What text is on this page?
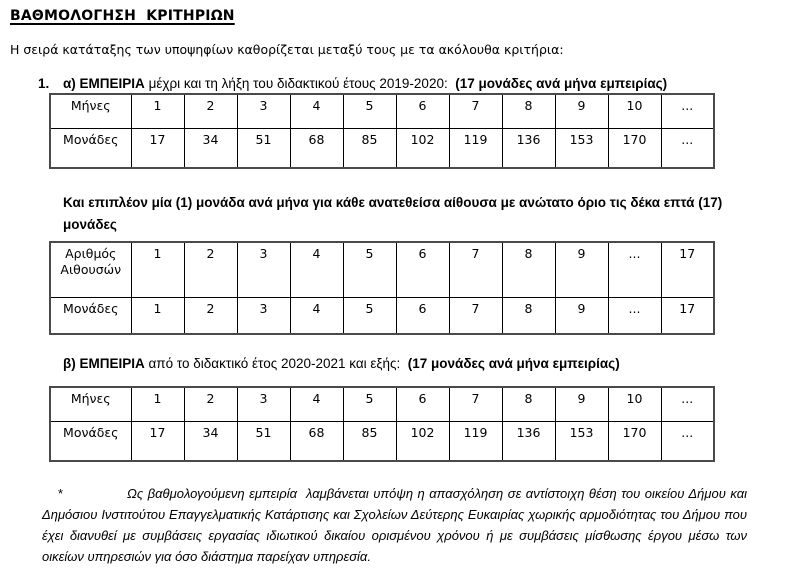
ΒΑΘΜΟΛΟΓΗΣΗ  ΚΡΙΤΗΡΙΩΝ

Η σειρά κατάταξης των υποψηφίων καθορίζεται μεταξύ τους με τα ακόλουθα κριτήρια:

1. α) ΕΜΠΕΙΡΙΑ μέχρι και τη λήξη του διδακτικού έτους 2019-2020:  (17 μονάδες ανά μήνα εμπειρίας)

Μήνες	1	2	3	4	5	6	7	8	9	10	...
Μονάδες	17	34	51	68	85	102	119	136	153	170	...

Και επιπλέον μία (1) μονάδα ανά μήνα για κάθε ανατεθείσα αίθουσα με ανώτατο όριο τις δέκα επτά (17) μονάδες

Αριθμός Αιθουσών	1	2	3	4	5	6	7	8	9	...	17
Μονάδες	1	2	3	4	5	6	7	8	9	...	17

β) ΕΜΠΕΙΡΙΑ από το διδακτικό έτος 2020-2021 και εξής:  (17 μονάδες ανά μήνα εμπειρίας)

Μήνες	1	2	3	4	5	6	7	8	9	10	...
Μονάδες	17	34	51	68	85	102	119	136	153	170	...

*	Ως βαθμολογούμενη εμπειρία  λαμβάνεται υπόψη η απασχόληση σε αντίστοιχη θέση του οικείου Δήμου και Δημόσιου Ινστιτούτου Επαγγελματικής Κατάρτισης και Σχολείων Δεύτερης Ευκαιρίας χωρικής αρμοδιότητας του Δήμου που έχει διανυθεί με συμβάσεις εργασίας ιδιωτικού δικαίου ορισμένου χρόνου ή με συμβάσεις μίσθωσης έργου μέσω των οικείων υπηρεσιών για όσο διάστημα παρείχαν υπηρεσία.
